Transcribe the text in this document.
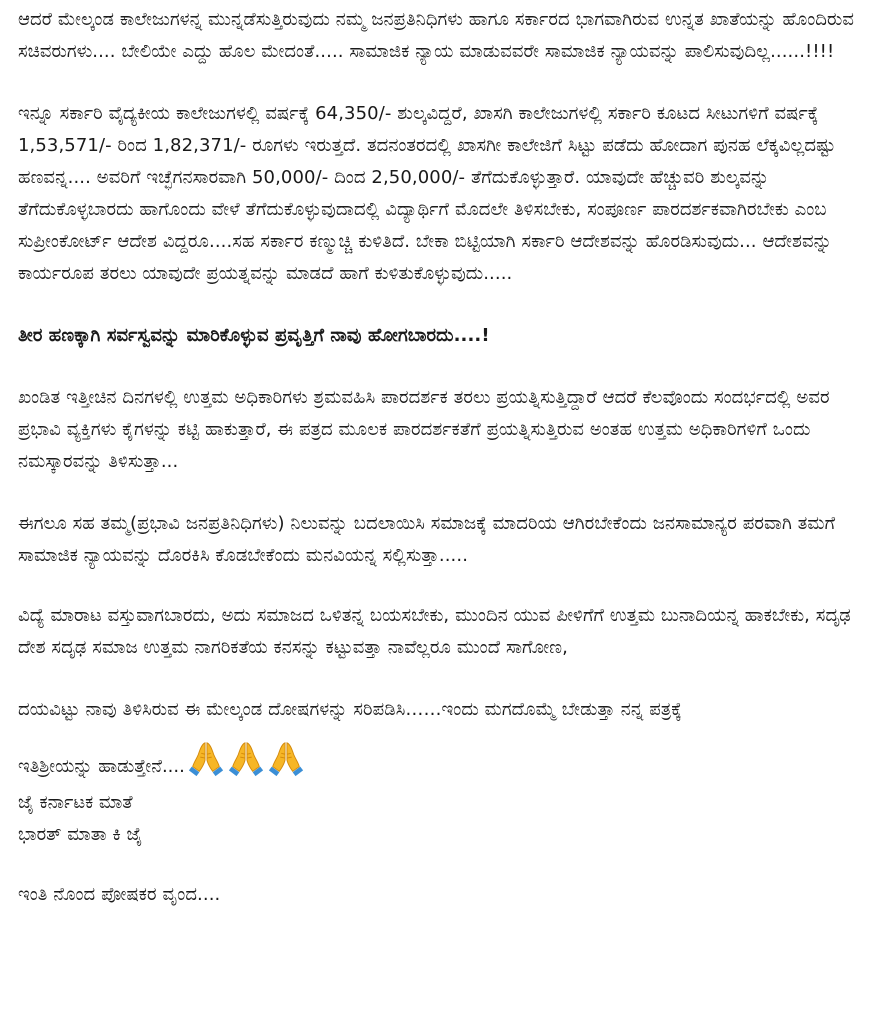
ಆದರೆ ಮೇಲ್ಕಂಡ ಕಾಲೇಜುಗಳನ್ನ ಮುನ್ನಡೆಸುತ್ತಿರುವುದು ನಮ್ಮ ಜನಪ್ರತಿನಿಧಿಗಳು ಹಾಗೂ ಸರ್ಕಾರದ ಭಾಗವಾಗಿರುವ ಉನ್ನತ ಖಾತೆಯನ್ನು ಹೊಂದಿರುವ ಸಚಿವರುಗಳು.... ಬೇಲಿಯೇ ಎದ್ದು ಹೊಲ ಮೇದಂತೆ..... ಸಾಮಾಜಿಕ ನ್ಯಾಯ ಮಾಡುವವರೇ ಸಾಮಾಜಿಕ ನ್ಯಾಯವನ್ನು ಪಾಲಿಸುವುದಿಲ್ಲ......!!!!

ಇನ್ನೂ ಸರ್ಕಾರಿ ವೈದ್ಯಕೀಯ ಕಾಲೇಜುಗಳಲ್ಲಿ ವರ್ಷಕ್ಕೆ 64,350/- ಶುಲ್ಕವಿದ್ದರೆ, ಖಾಸಗಿ ಕಾಲೇಜುಗಳಲ್ಲಿ ಸರ್ಕಾರಿ ಕೂಟದ ಸೀಟುಗಳಿಗೆ ವರ್ಷಕ್ಕೆ 1,53,571/- ರಿಂದ 1,82,371/- ರೂಗಳು ಇರುತ್ತದೆ. ತದನಂತರದಲ್ಲಿ ಖಾಸಗೀ ಕಾಲೇಜಿಗೆ ಸಿಟ್ಟು ಪಡೆದು ಹೋದಾಗ ಪುನಹ ಲೆಕ್ಕವಿಲ್ಲದಷ್ಟು ಹಣವನ್ನ.... ಅವರಿಗೆ ಇಚ್ಛೆಗನಸಾರವಾಗಿ 50,000/- ದಿಂದ 2,50,000/- ತೆಗೆದುಕೊಳ್ಳುತ್ತಾರೆ. ಯಾವುದೇ ಹೆಚ್ಚುವರಿ ಶುಲ್ಕವನ್ನು ತೆಗೆದುಕೊಳ್ಳಬಾರದು ಹಾಗೊಂದು ವೇಳೆ ತೆಗೆದುಕೊಳ್ಳುವುದಾದಲ್ಲಿ ವಿದ್ಯಾರ್ಥಿಗೆ ಮೊದಲೇ ತಿಳಿಸಬೇಕು, ಸಂಪೂರ್ಣ ಪಾರದರ್ಶಕವಾಗಿರಬೇಕು ಎಂಬ ಸುಪ್ರೀಂಕೋರ್ಟ್ ಆದೇಶ ವಿದ್ದರೂ....ಸಹ ಸರ್ಕಾರ ಕಣ್ಮುಚ್ಚಿ ಕುಳಿತಿದೆ. ಬೇಕಾ ಬಿಟ್ಟಿಯಾಗಿ ಸರ್ಕಾರಿ ಆದೇಶವನ್ನು ಹೊರಡಿಸುವುದು... ಆದೇಶವನ್ನು ಕಾರ್ಯರೂಪ ತರಲು ಯಾವುದೇ ಪ್ರಯತ್ನವನ್ನು ಮಾಡದೆ ಹಾಗೆ ಕುಳಿತುಕೊಳ್ಳುವುದು.....

ತೀರ ಹಣಕ್ಕಾಗಿ ಸರ್ವಸ್ವವನ್ನು ಮಾರಿಕೊಳ್ಳುವ ಪ್ರವೃತ್ತಿಗೆ ನಾವು ಹೋಗಬಾರದು....!

ಖಂಡಿತ ಇತ್ತೀಚಿನ ದಿನಗಳಲ್ಲಿ ಉತ್ತಮ ಅಧಿಕಾರಿಗಳು ಶ್ರಮವಹಿಸಿ ಪಾರದರ್ಶಕ ತರಲು ಪ್ರಯತ್ನಿಸುತ್ತಿದ್ದಾರೆ ಆದರೆ ಕೆಲವೊಂದು ಸಂದರ್ಭದಲ್ಲಿ ಅವರ ಪ್ರಭಾವಿ ವ್ಯಕ್ತಿಗಳು ಕೈಗಳನ್ನು ಕಟ್ಟಿ ಹಾಕುತ್ತಾರೆ, ಈ ಪತ್ರದ ಮೂಲಕ ಪಾರದರ್ಶಕತೆಗೆ ಪ್ರಯತ್ನಿಸುತ್ತಿರುವ ಅಂತಹ ಉತ್ತಮ ಅಧಿಕಾರಿಗಳಿಗೆ ಒಂದು ನಮಸ್ಕಾರವನ್ನು ತಿಳಿಸುತ್ತಾ...

ಈಗಲೂ ಸಹ ತಮ್ಮ(ಪ್ರಭಾವಿ ಜನಪ್ರತಿನಿಧಿಗಳು) ನಿಲುವನ್ನು ಬದಲಾಯಿಸಿ ಸಮಾಜಕ್ಕೆ ಮಾದರಿಯ ಆಗಿರಬೇಕೆಂದು ಜನಸಾಮಾನ್ಯರ ಪರವಾಗಿ ತಮಗೆ ಸಾಮಾಜಿಕ ನ್ಯಾಯವನ್ನು ದೊರಕಿಸಿ ಕೊಡಬೇಕೆಂದು ಮನವಿಯನ್ನ ಸಲ್ಲಿಸುತ್ತಾ.....

ವಿದ್ಯೆ ಮಾರಾಟ ವಸ್ತುವಾಗಬಾರದು, ಅದು ಸಮಾಜದ ಒಳಿತನ್ನ ಬಯಸಬೇಕು, ಮುಂದಿನ ಯುವ ಪೀಳಿಗೆಗೆ ಉತ್ತಮ ಬುನಾದಿಯನ್ನ ಹಾಕಬೇಕು, ಸದೃಢ ದೇಶ ಸದೃಢ ಸಮಾಜ ಉತ್ತಮ ನಾಗರಿಕತೆಯ ಕನಸನ್ನು ಕಟ್ಟುವತ್ತಾ ನಾವೆಲ್ಲರೂ ಮುಂದೆ ಸಾಗೋಣ,

ದಯವಿಟ್ಟು ನಾವು ತಿಳಿಸಿರುವ ಈ ಮೇಲ್ಕಂಡ ದೋಷಗಳನ್ನು ಸರಿಪಡಿಸಿ……ಇಂದು ಮಗದೊಮ್ಮೆ ಬೇಡುತ್ತಾ ನನ್ನ ಪತ್ರಕ್ಕೆ

ಇತಿಶ್ರೀಯನ್ನು ಹಾಡುತ್ತೇನೆ....
ಜೈ ಕರ್ನಾಟಕ ಮಾತೆ
ಭಾರತ್ ಮಾತಾ ಕಿ ಜೈ

ಇಂತಿ ನೊಂದ ಪೋಷಕರ ವೃಂದ....
